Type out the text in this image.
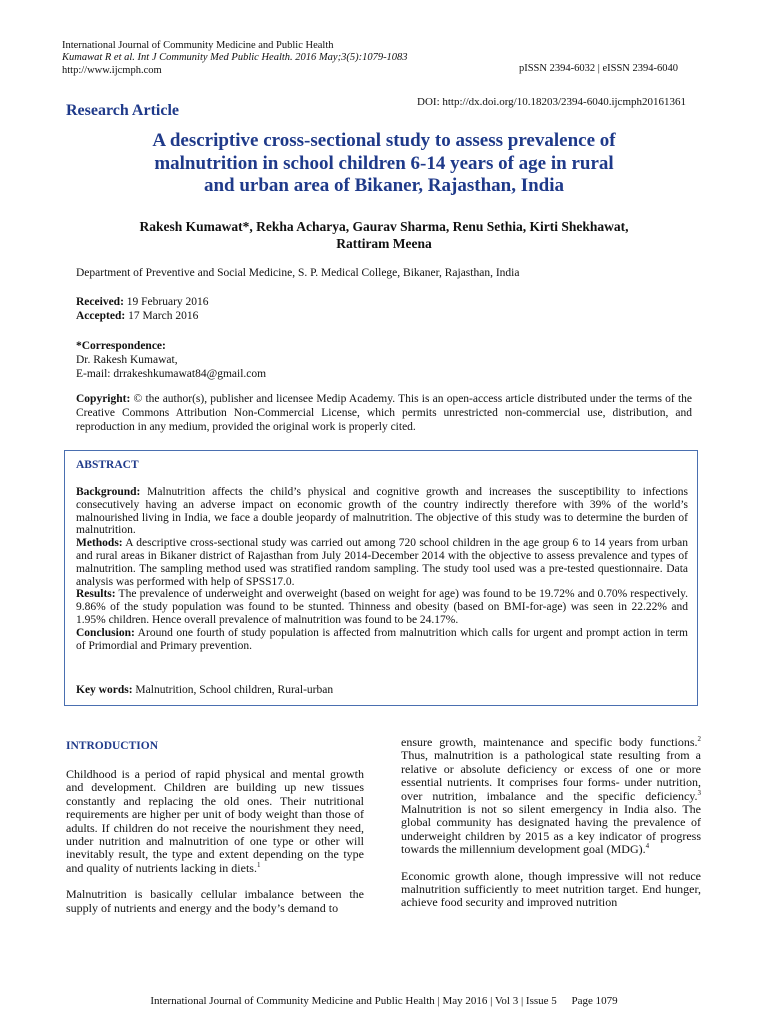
International Journal of Community Medicine and Public Health
Kumawat R et al. Int J Community Med Public Health. 2016 May;3(5):1079-1083
http://www.ijcmph.com	pISSN 2394-6032 | eISSN 2394-6040
Research Article	DOI: http://dx.doi.org/10.18203/2394-6040.ijcmph20161361
A descriptive cross-sectional study to assess prevalence of
malnutrition in school children 6-14 years of age in rural
and urban area of Bikaner, Rajasthan, India
Rakesh Kumawat*, Rekha Acharya, Gaurav Sharma, Renu Sethia, Kirti Shekhawat,
Rattiram Meena
Department of Preventive and Social Medicine, S. P. Medical College, Bikaner, Rajasthan, India
Received: 19 February 2016
Accepted: 17 March 2016
*Correspondence:
Dr. Rakesh Kumawat,
E-mail: drrakeshkumawat84@gmail.com
Copyright: © the author(s), publisher and licensee Medip Academy. This is an open-access article distributed under the terms of the Creative Commons Attribution Non-Commercial License, which permits unrestricted non-commercial use, distribution, and reproduction in any medium, provided the original work is properly cited.
ABSTRACT

Background: Malnutrition affects the child’s physical and cognitive growth and increases the susceptibility to infections consecutively having an adverse impact on economic growth of the country indirectly therefore with 39% of the world’s malnourished living in India, we face a double jeopardy of malnutrition. The objective of this study was to determine the burden of malnutrition.

Methods: A descriptive cross-sectional study was carried out among 720 school children in the age group 6 to 14 years from urban and rural areas in Bikaner district of Rajasthan from July 2014-December 2014 with the objective to assess prevalence and types of malnutrition. The sampling method used was stratified random sampling. The study tool used was a pre-tested questionnaire. Data analysis was performed with help of SPSS17.0.

Results: The prevalence of underweight and overweight (based on weight for age) was found to be 19.72% and 0.70% respectively. 9.86% of the study population was found to be stunted. Thinness and obesity (based on BMI-for-age) was seen in 22.22% and 1.95% children. Hence overall prevalence of malnutrition was found to be 24.17%.

Conclusion: Around one fourth of study population is affected from malnutrition which calls for urgent and prompt action in term of Primordial and Primary prevention.

Key words: Malnutrition, School children, Rural-urban
INTRODUCTION

Childhood is a period of rapid physical and mental growth and development. Children are building up new tissues constantly and replacing the old ones. Their nutritional requirements are higher per unit of body weight than those of adults. If children do not receive the nourishment they need, under nutrition and malnutrition of one type or other will inevitably result, the type and extent depending on the type and quality of nutrients lacking in diets.$^1$

Malnutrition is basically cellular imbalance between the supply of nutrients and energy and the body’s demand to

ensure growth, maintenance and specific body functions.$^2$ Thus, malnutrition is a pathological state resulting from a relative or absolute deficiency or excess of one or more essential nutrients. It comprises four forms- under nutrition, over nutrition, imbalance and the specific deficiency.$^3$ Malnutrition is not so silent emergency in India also. The global community has designated having the prevalence of underweight children by 2015 as a key indicator of progress towards the millennium development goal (MDG).$^4$

Economic growth alone, though impressive will not reduce malnutrition sufficiently to meet nutrition target. End hunger, achieve food security and improved nutrition

International Journal of Community Medicine and Public Health | May 2016 | Vol 3 | Issue 5 Page 1079
